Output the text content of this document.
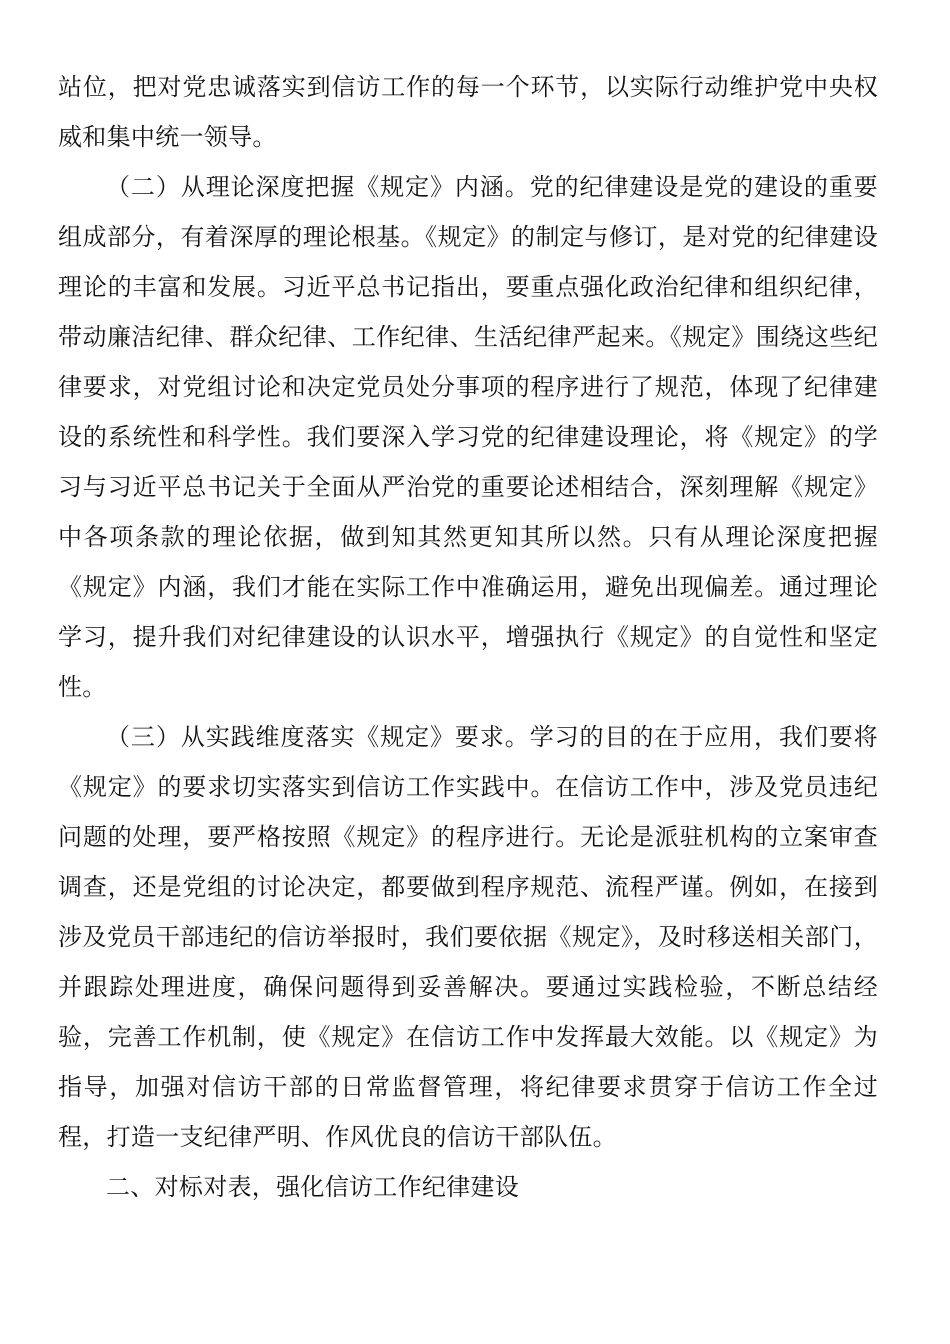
站位，把对党忠诚落实到信访工作的每一个环节，以实际行动维护党中央权威和集中统一领导。

（二）从理论深度把握《规定》内涵。党的纪律建设是党的建设的重要组成部分，有着深厚的理论根基。《规定》的制定与修订，是对党的纪律建设理论的丰富和发展。习近平总书记指出，要重点强化政治纪律和组织纪律，带动廉洁纪律、群众纪律、工作纪律、生活纪律严起来。《规定》围绕这些纪律要求，对党组讨论和决定党员处分事项的程序进行了规范，体现了纪律建设的系统性和科学性。我们要深入学习党的纪律建设理论，将《规定》的学习与习近平总书记关于全面从严治党的重要论述相结合，深刻理解《规定》中各项条款的理论依据，做到知其然更知其所以然。只有从理论深度把握《规定》内涵，我们才能在实际工作中准确运用，避免出现偏差。通过理论学习，提升我们对纪律建设的认识水平，增强执行《规定》的自觉性和坚定性。

（三）从实践维度落实《规定》要求。学习的目的在于应用，我们要将《规定》的要求切实落实到信访工作实践中。在信访工作中，涉及党员违纪问题的处理，要严格按照《规定》的程序进行。无论是派驻机构的立案审查调查，还是党组的讨论决定，都要做到程序规范、流程严谨。例如，在接到涉及党员干部违纪的信访举报时，我们要依据《规定》，及时移送相关部门，并跟踪处理进度，确保问题得到妥善解决。要通过实践检验，不断总结经验，完善工作机制，使《规定》在信访工作中发挥最大效能。以《规定》为指导，加强对信访干部的日常监督管理，将纪律要求贯穿于信访工作全过程，打造一支纪律严明、作风优良的信访干部队伍。

二、对标对表，强化信访工作纪律建设
